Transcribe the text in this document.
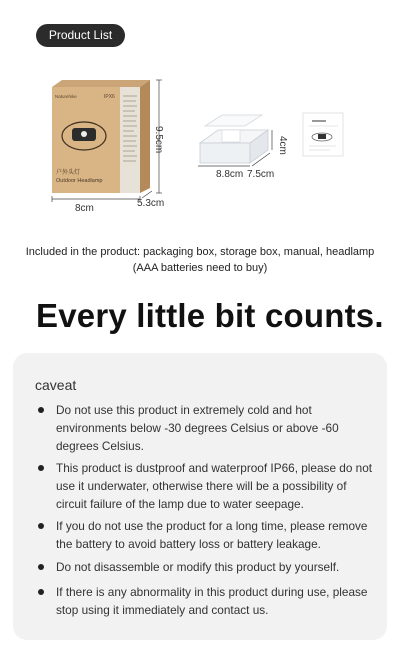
Product List
Naturehike	IPX6
户外头灯
Outdoor Headlamp
9.5cm
8cm	5.3cm
8.8cm 7.5cm
4cm
Included in the product: packaging box, storage box, manual, headlamp
(AAA batteries need to buy)
Every little bit counts.
caveat
Do not use this product in extremely cold and hot environments below -30 degrees Celsius or above -60 degrees Celsius.
This product is dustproof and waterproof IP66, please do not use it underwater, otherwise there will be a possibility of circuit failure of the lamp due to water seepage.
If you do not use the product for a long time, please remove the battery to avoid battery loss or battery leakage.
Do not disassemble or modify this product by yourself.
If there is any abnormality in this product during use, please stop using it immediately and contact us.
